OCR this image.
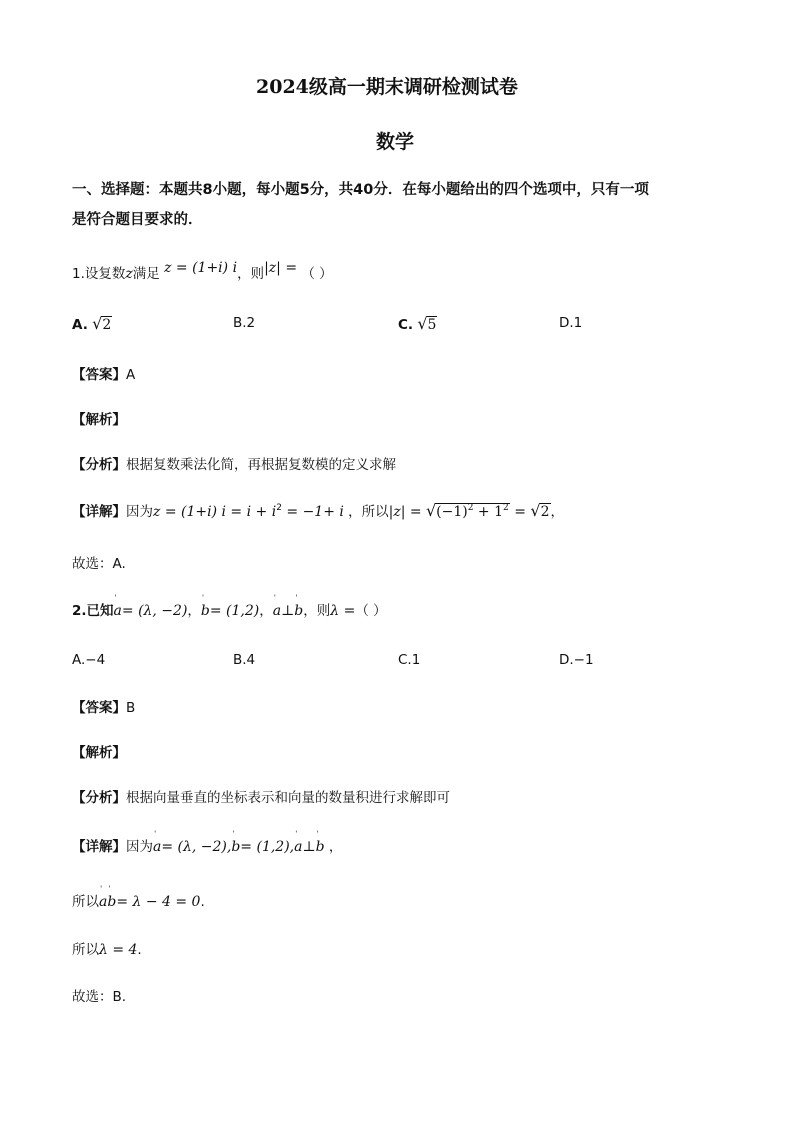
2024级高一期末调研检测试卷
数学
一、选择题：本题共8小题，每小题5分，共40分．在每小题给出的四个选项中，只有一项
是符合题目要求的．
1.设复数z满足 z = (1+i) i，则|z| = （ ）
A. √2	B.2	C. √5	D.1
【答案】A
【解析】
【分析】根据复数乘法化简，再根据复数模的定义求解
【详解】因为z = (1+i) $i = i + i^2 = -1+ i$ ，所以$|z| = √(-1)^2 + 1^2 = √2$，
故选：A.
2.已知
ˈ
a= (λ, −2)，
ˈ
b= (1,2)，
ˈ
a⊥
ˈ
b，则λ =（ ）
A.−4	B.4	C.1	D.−1
【答案】B
【解析】
【分析】根据向量垂直的坐标表示和向量的数量积进行求解即可
【详解】因为
ˈ
a= (λ, −2),
ˈ
b= (1,2),
ˈ
a⊥
ˈ
b ，
所以
ˈ
a
ˈ
b= λ − 4 = 0.
所以λ = 4.
故选：B.
